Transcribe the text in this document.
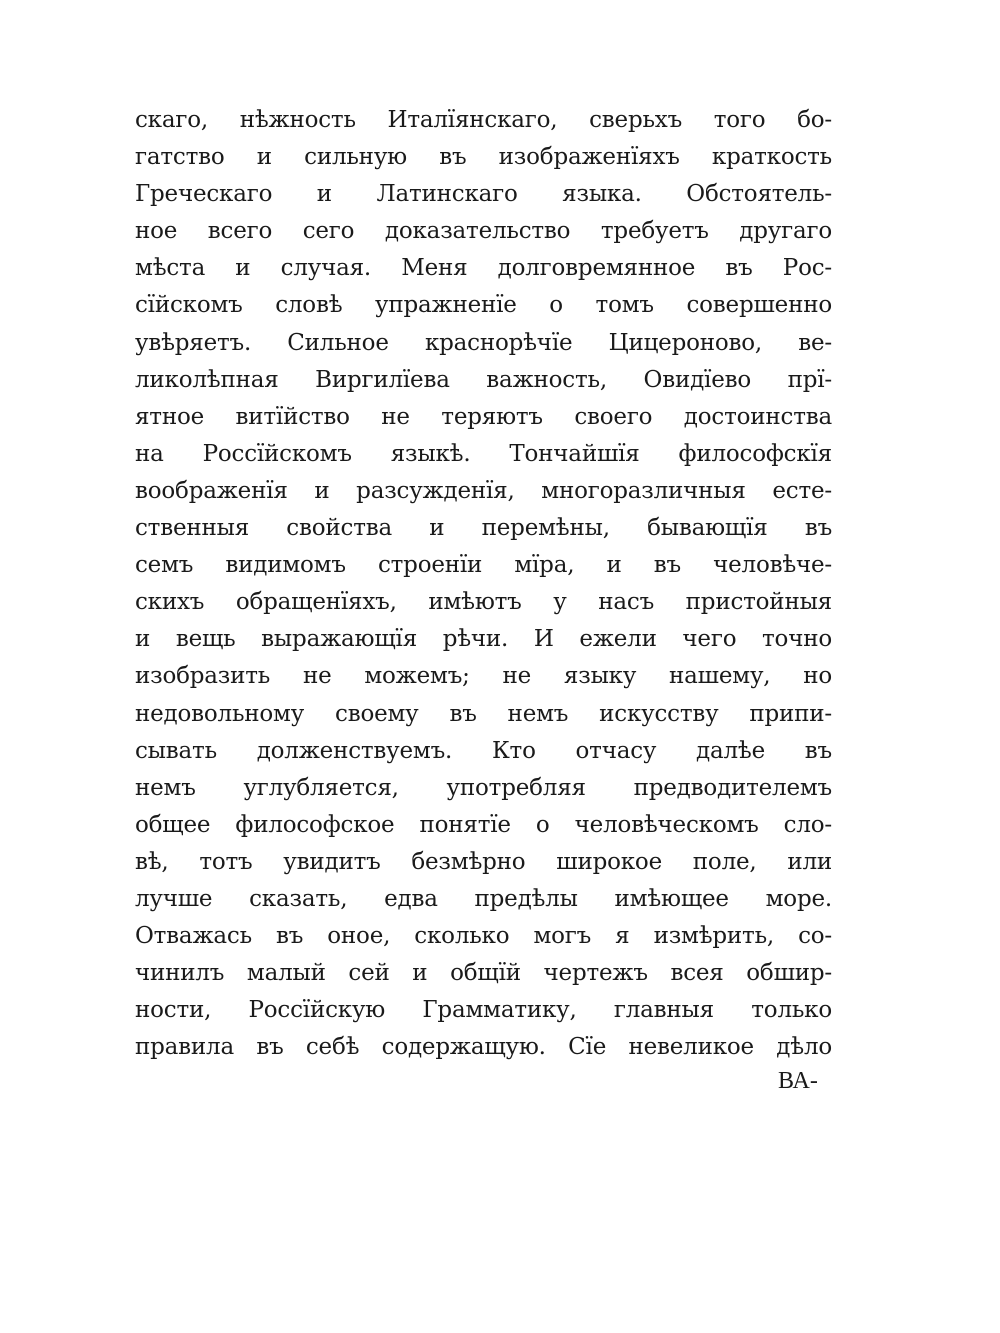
скаго, нѣжность Италїянскаго, сверьхъ того бо-
гатство и сильную въ изображенїяхъ краткость
Греческаго и Латинскаго языка. Обстоятель-
ное всего сего доказательство требуетъ другаго
мѣста и случая. Меня долговремянное въ Рос-
сїйскомъ словѣ упражненїе о томъ совершенно
увѣряетъ. Сильное краснорѣчїе Цицероново, ве-
ликолѣпная Виргилїева важность, Овидїево прї-
ятное витїйство не теряютъ своего достоинства
на Россїйскомъ языкѣ. Тончайшїя философскїя
воображенїя и разсужденїя, многоразличныя есте-
ственныя свойства и перемѣны, бывающїя въ
семъ видимомъ строенїи мїра, и въ человѣче-
скихъ обращенїяхъ, имѣютъ у насъ пристойныя
и вещь выражающїя рѣчи. И ежели чего точно
изобразить не можемъ; не языку нашему, но
недовольному своему въ немъ искусству припи-
сывать долженствуемъ. Кто отчасу далѣе въ
немъ углубляется, употребляя предводителемъ
общее философское понятїе о человѣческомъ сло-
вѣ, тотъ увидитъ безмѣрно широкое поле, или
лучше сказать, едва предѣлы имѣющее море.
Отважась въ оное, сколько могъ я измѣрить, со-
чинилъ малый сей и общїй чертежъ всея обшир-
ности, Россїйскую Грамматику, главныя только
правила въ себѣ содержащую. Сїе невеликое дѣло
ВА-
